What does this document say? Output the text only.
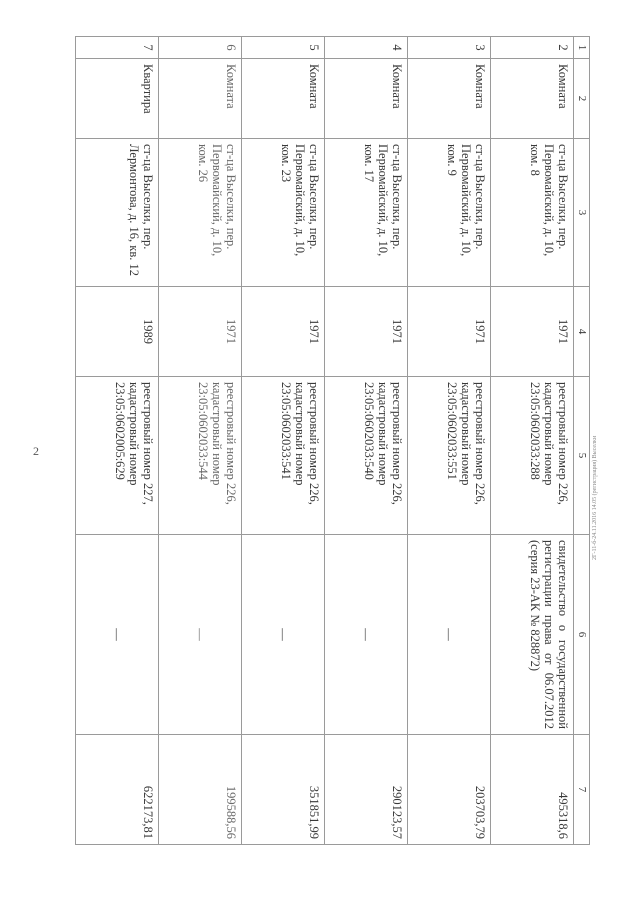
2	2Г-11-б-24.11.2016 14.05 (регистрация) Выселки
1	2	3	4	5	6	7
2	Комната	ст-ца Выселки, пер. Первомайский, д. 10, ком. 8	1971	реестровый номер 226, кадастровый номер 23:05:0602033:288	свидетельство о государственной регистрации права от 06.07.2012 (серия 23-АК № 828872)	495318,6
3	Комната	ст-ца Выселки, пер. Первомайский, д. 10, ком. 9	1971	реестровый номер 226, кадастровый номер 23:05:0602033:551	—	203703,79
4	Комната	ст-ца Выселки, пер. Первомайский, д. 10, ком. 17	1971	реестровый номер 226, кадастровый номер 23:05:0602033:540	—	290123,57
5	Комната	ст-ца Выселки, пер. Первомайский, д. 10, ком. 23	1971	реестровый номер 226, кадастровый номер 23:05:0602033:541	—	351851,99
6	Комната	ст-ца Выселки, пер. Первомайский, д. 10, ком. 26	1971	реестровый номер 226, кадастровый номер 23:05:0602033:544	—	199588,56
7	Квартира	ст-ца Выселки, пер. Лермонтова, д. 16, кв. 12	1989	реестровый номер 227, кадастровый номер 23:05:0602005:629	—	622173,81
